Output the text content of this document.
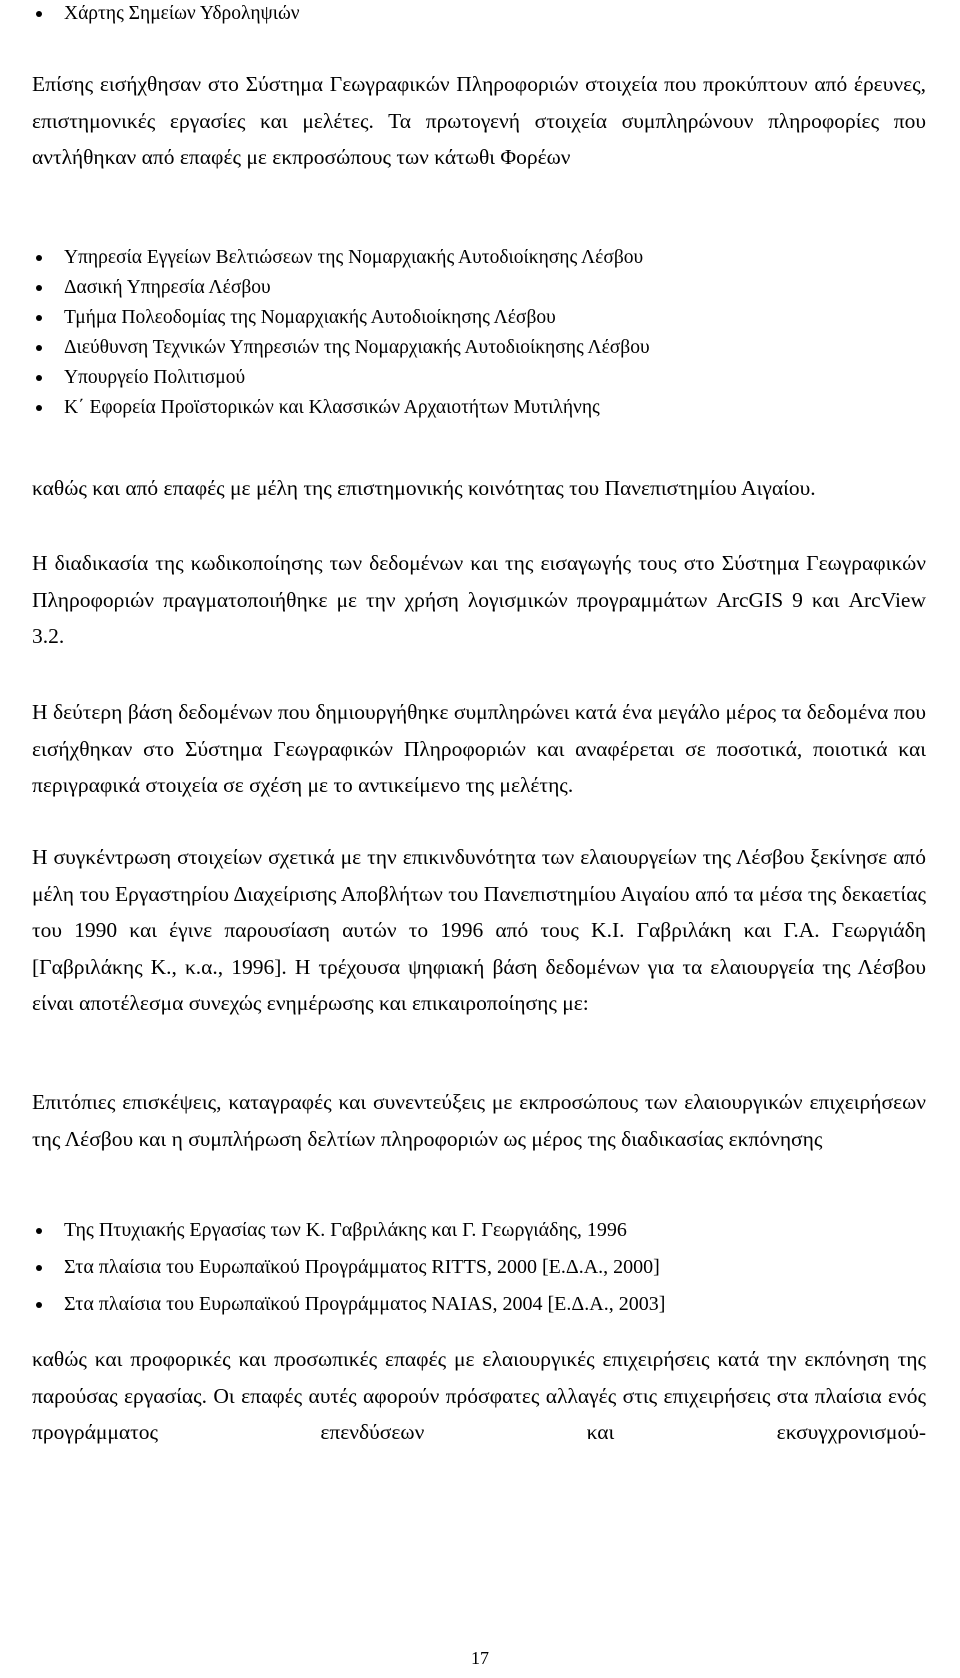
Χάρτης Σημείων Υδροληψιών

Επίσης εισήχθησαν στο Σύστημα Γεωγραφικών Πληροφοριών στοιχεία που προκύπτουν από έρευνες, επιστημονικές εργασίες και μελέτες. Τα πρωτογενή στοιχεία συμπληρώνουν πληροφορίες που αντλήθηκαν από επαφές με εκπροσώπους των κάτωθι Φορέων

Υπηρεσία Εγγείων Βελτιώσεων της Νομαρχιακής Αυτοδιοίκησης Λέσβου
Δασική Υπηρεσία Λέσβου
Τμήμα Πολεοδομίας της Νομαρχιακής Αυτοδιοίκησης Λέσβου
Διεύθυνση Τεχνικών Υπηρεσιών της Νομαρχιακής Αυτοδιοίκησης Λέσβου
Υπουργείο Πολιτισμού
Κ΄ Εφορεία Προϊστορικών και Κλασσικών Αρχαιοτήτων Μυτιλήνης

καθώς και από επαφές με μέλη της επιστημονικής κοινότητας του Πανεπιστημίου Αιγαίου.

Η διαδικασία της κωδικοποίησης των δεδομένων και της εισαγωγής τους στο Σύστημα Γεωγραφικών Πληροφοριών πραγματοποιήθηκε με την χρήση λογισμικών προγραμμάτων ArcGIS 9 και ArcView 3.2.

Η δεύτερη βάση δεδομένων που δημιουργήθηκε συμπληρώνει κατά ένα μεγάλο μέρος τα δεδομένα που εισήχθηκαν στο Σύστημα Γεωγραφικών Πληροφοριών και αναφέρεται σε ποσοτικά, ποιοτικά και περιγραφικά στοιχεία σε σχέση με το αντικείμενο της μελέτης.

Η συγκέντρωση στοιχείων σχετικά με την επικινδυνότητα των ελαιουργείων της Λέσβου ξεκίνησε από μέλη του Εργαστηρίου Διαχείρισης Αποβλήτων του Πανεπιστημίου Αιγαίου από τα μέσα της δεκαετίας του 1990 και έγινε παρουσίαση αυτών το 1996 από τους Κ.Ι. Γαβριλάκη και Γ.Α. Γεωργιάδη [Γαβριλάκης Κ., κ.α., 1996]. Η τρέχουσα ψηφιακή βάση δεδομένων για τα ελαιουργεία της Λέσβου είναι αποτέλεσμα συνεχώς ενημέρωσης και επικαιροποίησης με:

Επιτόπιες επισκέψεις, καταγραφές και συνεντεύξεις με εκπροσώπους των ελαιουργικών επιχειρήσεων της Λέσβου και η συμπλήρωση δελτίων πληροφοριών ως μέρος της διαδικασίας εκπόνησης

Της Πτυχιακής Εργασίας των Κ. Γαβριλάκης και Γ. Γεωργιάδης, 1996
Στα πλαίσια του Ευρωπαϊκού Προγράμματος RITTS, 2000 [Ε.Δ.Α., 2000]
Στα πλαίσια του Ευρωπαϊκού Προγράμματος NAIAS, 2004 [Ε.Δ.Α., 2003]

καθώς και προφορικές και προσωπικές επαφές με ελαιουργικές επιχειρήσεις κατά την εκπόνηση της παρούσας εργασίας. Οι επαφές αυτές αφορούν πρόσφατες αλλαγές στις επιχειρήσεις στα πλαίσια ενός προγράμματος επενδύσεων και εκσυγχρονισμού-

17
